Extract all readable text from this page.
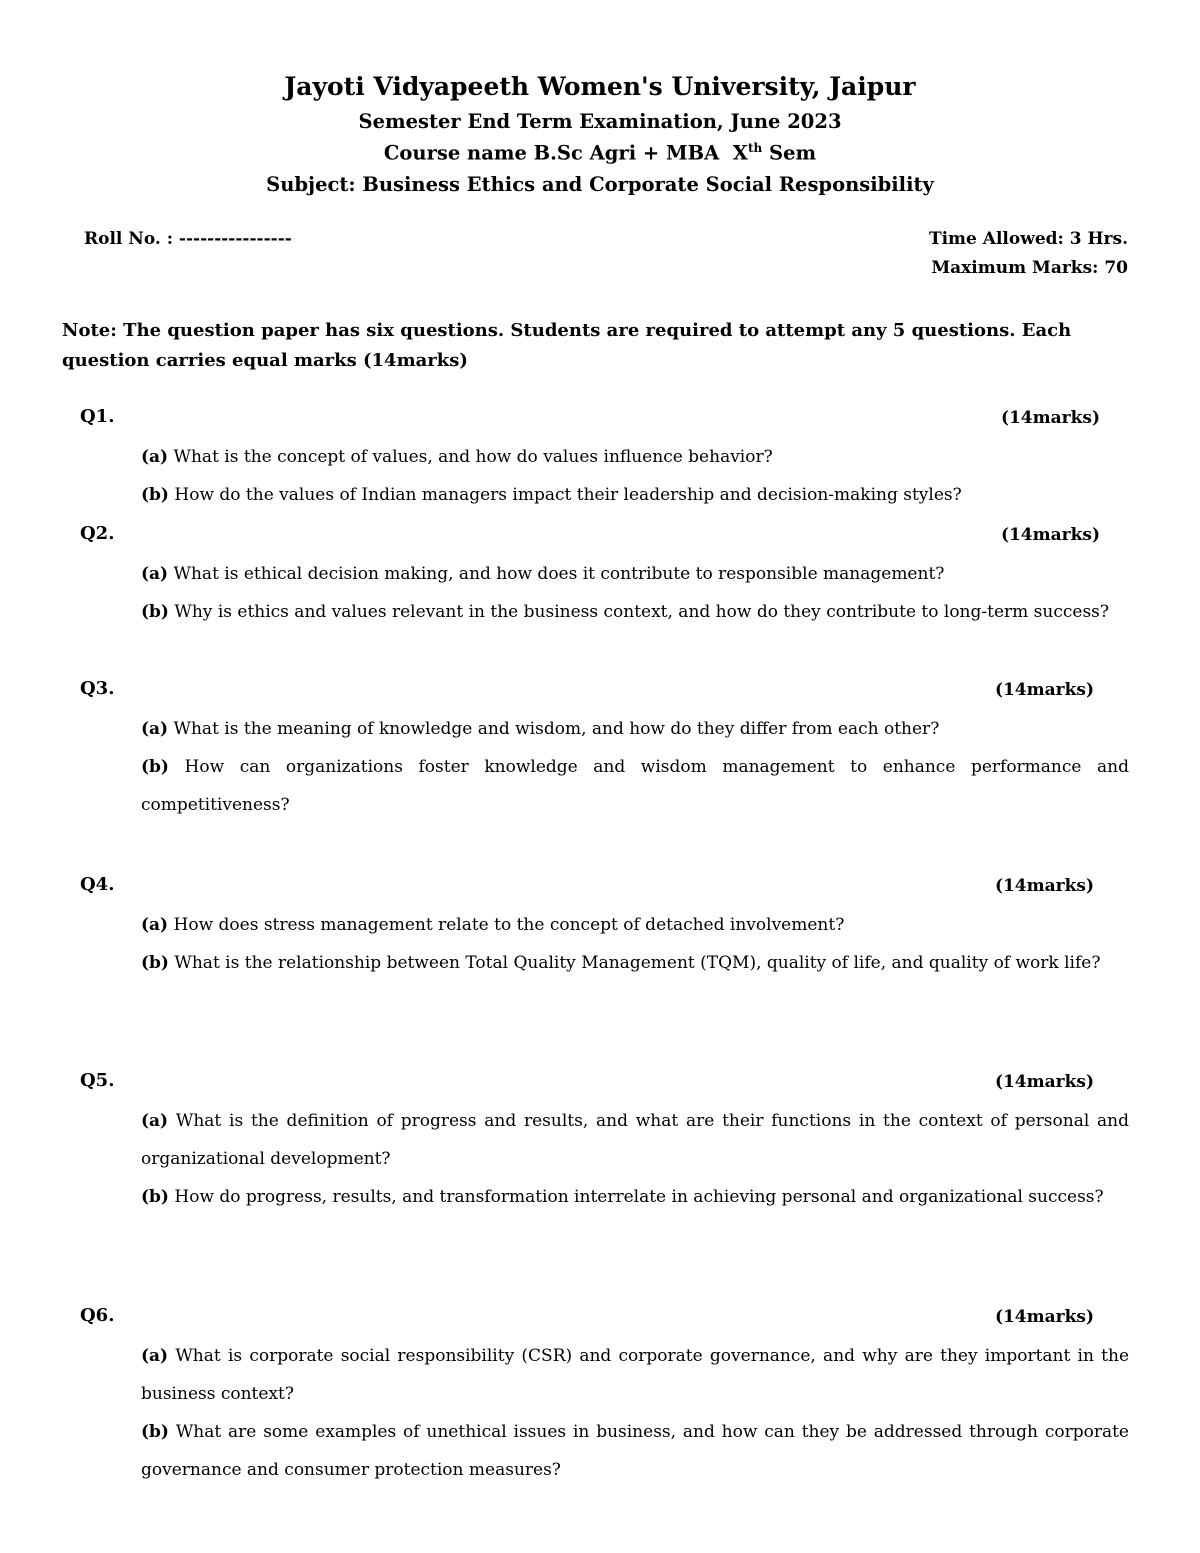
Jayoti Vidyapeeth Women's University, Jaipur
Semester End Term Examination, June 2023
Course name B.Sc Agri + MBA  Xth Sem
Subject: Business Ethics and Corporate Social Responsibility
Roll No. : ----------------	Time Allowed: 3 Hrs.
Maximum Marks: 70
Note: The question paper has six questions. Students are required to attempt any 5 questions. Each question carries equal marks (14marks)
Q1.	(14marks)
(a) What is the concept of values, and how do values influence behavior?
(b) How do the values of Indian managers impact their leadership and decision-making styles?
Q2.	(14marks)
(a) What is ethical decision making, and how does it contribute to responsible management?
(b) Why is ethics and values relevant in the business context, and how do they contribute to long-term success?
Q3.	(14marks)
(a) What is the meaning of knowledge and wisdom, and how do they differ from each other?
(b) How can organizations foster knowledge and wisdom management to enhance performance and competitiveness?
Q4.	(14marks)
(a) How does stress management relate to the concept of detached involvement?
(b) What is the relationship between Total Quality Management (TQM), quality of life, and quality of work life?
Q5.	(14marks)
(a) What is the definition of progress and results, and what are their functions in the context of personal and organizational development?
(b) How do progress, results, and transformation interrelate in achieving personal and organizational success?
Q6.	(14marks)
(a) What is corporate social responsibility (CSR) and corporate governance, and why are they important in the business context?
(b) What are some examples of unethical issues in business, and how can they be addressed through corporate governance and consumer protection measures?
